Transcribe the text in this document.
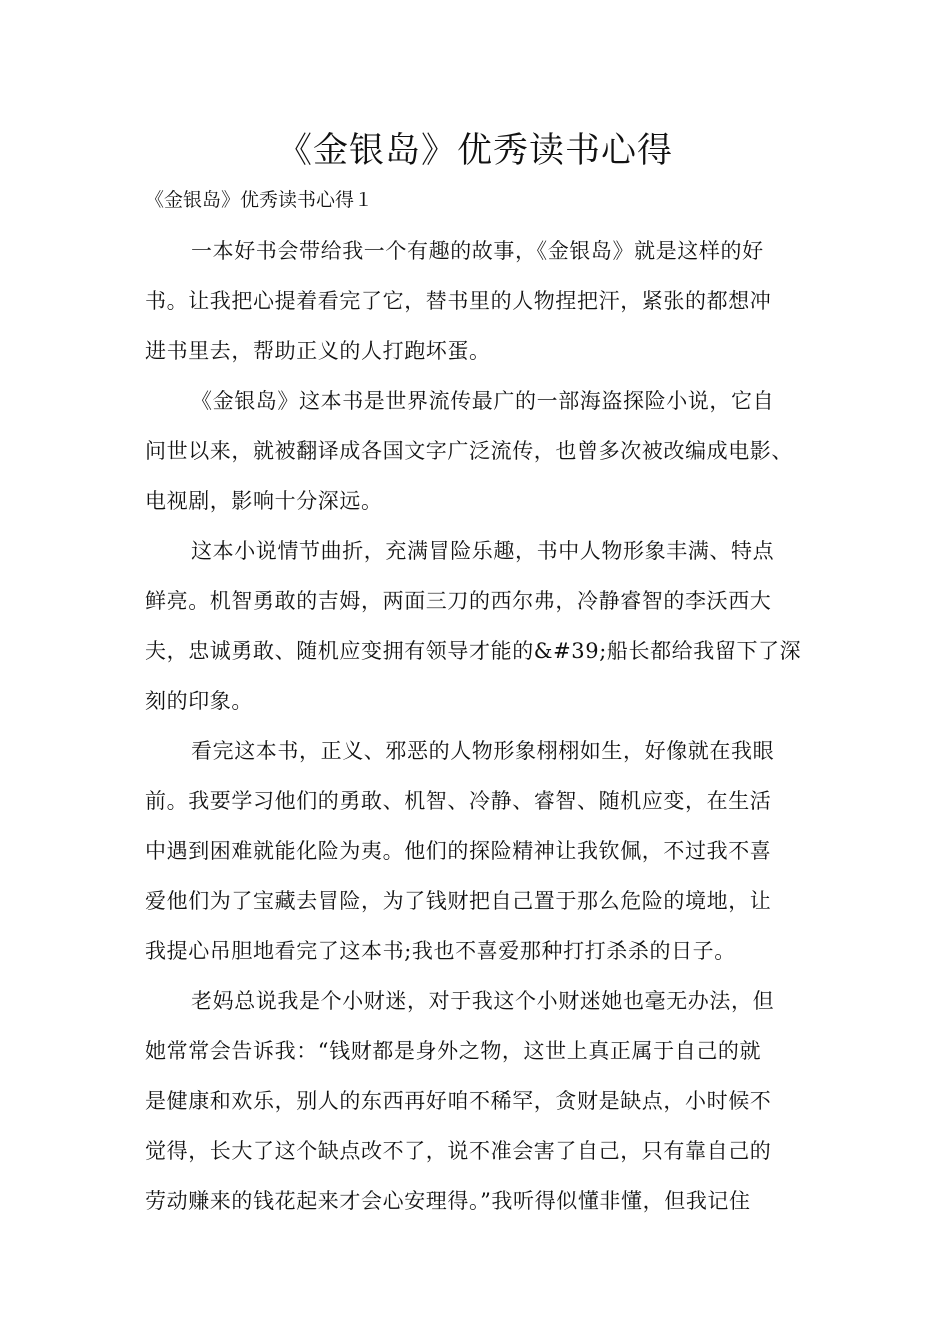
《金银岛》优秀读书心得

《金银岛》优秀读书心得１

一本好书会带给我一个有趣的故事，《金银岛》就是这样的好

书。让我把心提着看完了它，替书里的人物捏把汗，紧张的都想冲

进书里去，帮助正义的人打跑坏蛋。

《金银岛》这本书是世界流传最广的一部海盗探险小说，它自

问世以来，就被翻译成各国文字广泛流传，也曾多次被改编成电影、

电视剧，影响十分深远。

这本小说情节曲折，充满冒险乐趣，书中人物形象丰满、特点

鲜亮。机智勇敢的吉姆，两面三刀的西尔弗，冷静睿智的李沃西大

夫，忠诚勇敢、随机应变拥有领导才能的&#39;船长都给我留下了深

刻的印象。

看完这本书，正义、邪恶的人物形象栩栩如生，好像就在我眼

前。我要学习他们的勇敢、机智、冷静、睿智、随机应变，在生活

中遇到困难就能化险为夷。他们的探险精神让我钦佩，不过我不喜

爱他们为了宝藏去冒险，为了钱财把自己置于那么危险的境地，让

我提心吊胆地看完了这本书;我也不喜爱那种打打杀杀的日子。

老妈总说我是个小财迷，对于我这个小财迷她也毫无办法，但

她常常会告诉我：“钱财都是身外之物，这世上真正属于自己的就

是健康和欢乐，别人的东西再好咱不稀罕，贪财是缺点，小时候不

觉得，长大了这个缺点改不了，说不准会害了自己，只有靠自己的

劳动赚来的钱花起来才会心安理得。”我听得似懂非懂，但我记住
